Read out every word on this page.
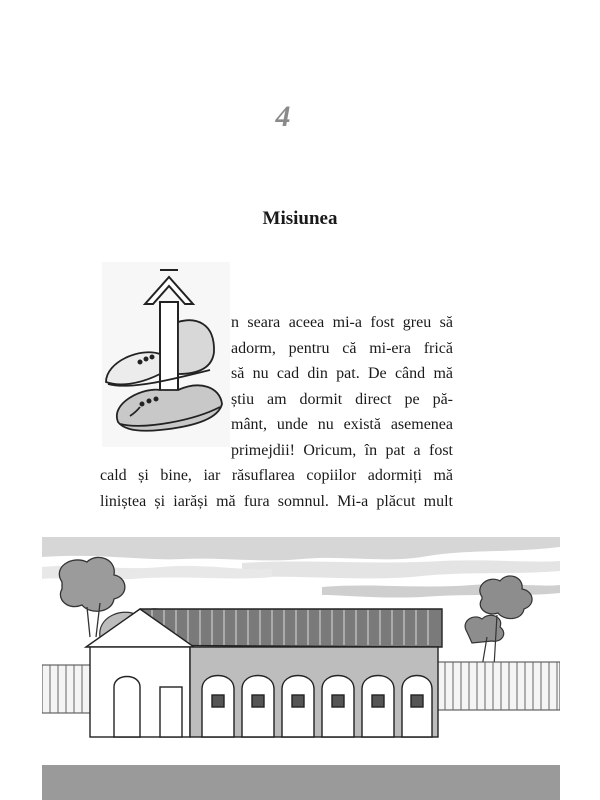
4
Misiunea
Î
n seara aceea mi-a fost greu să
adorm, pentru că mi-era frică
să nu cad din pat. De când mă
știu am dormit direct pe pă-
mânt, unde nu există asemenea
primejdii! Oricum, în pat a fost
cald și bine, iar răsuflarea copiilor adormiți mă
liniștea și iarăși mă fura somnul. Mi-a plăcut mult
